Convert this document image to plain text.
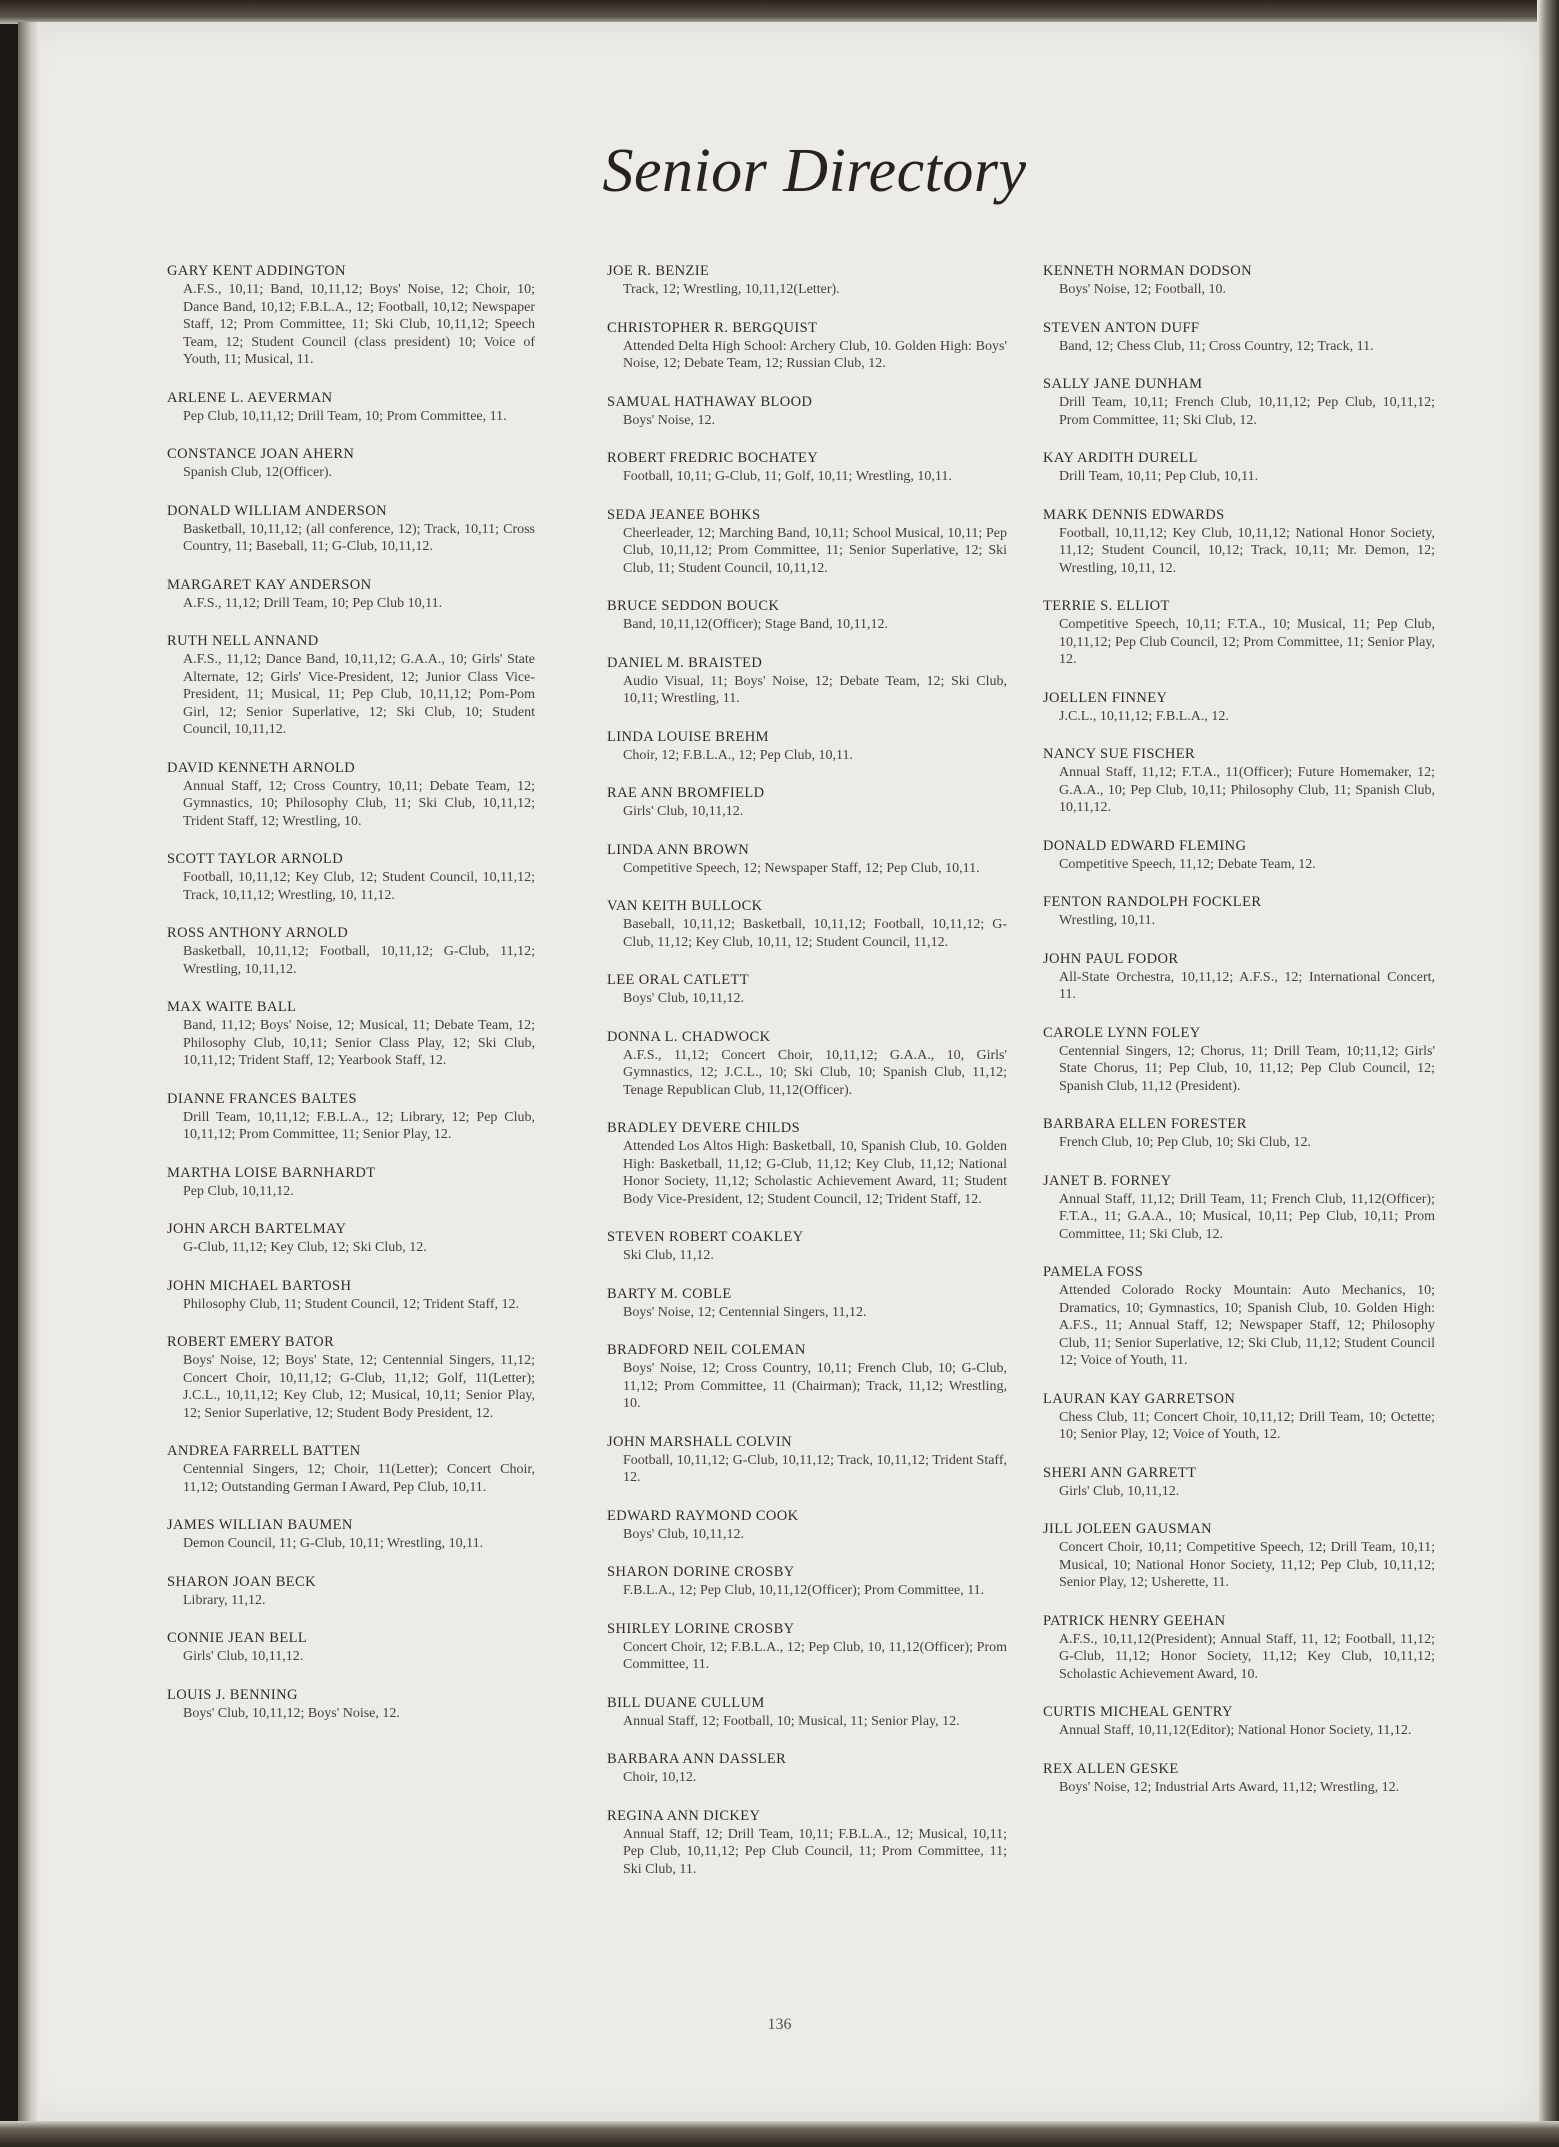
Senior Directory
GARY KENT ADDINGTON
A.F.S., 10,11; Band, 10,11,12; Boys' Noise, 12; Choir, 10; Dance Band, 10,12; F.B.L.A., 12; Football, 10,12; Newspaper Staff, 12; Prom Committee, 11; Ski Club, 10,11,12; Speech Team, 12; Student Council (class president) 10; Voice of Youth, 11; Musical, 11.
ARLENE L. AEVERMAN
Pep Club, 10,11,12; Drill Team, 10; Prom Committee, 11.
CONSTANCE JOAN AHERN
Spanish Club, 12(Officer).
DONALD WILLIAM ANDERSON
Basketball, 10,11,12; (all conference, 12); Track, 10,11; Cross Country, 11; Baseball, 11; G-Club, 10,11,12.
MARGARET KAY ANDERSON
A.F.S., 11,12; Drill Team, 10; Pep Club 10,11.
RUTH NELL ANNAND
A.F.S., 11,12; Dance Band, 10,11,12; G.A.A., 10; Girls' State Alternate, 12; Girls' Vice-President, 12; Junior Class Vice-President, 11; Musical, 11; Pep Club, 10,11,12; Pom-Pom Girl, 12; Senior Superlative, 12; Ski Club, 10; Student Council, 10,11,12.
DAVID KENNETH ARNOLD
Annual Staff, 12; Cross Country, 10,11; Debate Team, 12; Gymnastics, 10; Philosophy Club, 11; Ski Club, 10,11,12; Trident Staff, 12; Wrestling, 10.
SCOTT TAYLOR ARNOLD
Football, 10,11,12; Key Club, 12; Student Council, 10,11,12; Track, 10,11,12; Wrestling, 10, 11,12.
ROSS ANTHONY ARNOLD
Basketball, 10,11,12; Football, 10,11,12; G-Club, 11,12; Wrestling, 10,11,12.
MAX WAITE BALL
Band, 11,12; Boys' Noise, 12; Musical, 11; Debate Team, 12; Philosophy Club, 10,11; Senior Class Play, 12; Ski Club, 10,11,12; Trident Staff, 12; Yearbook Staff, 12.
DIANNE FRANCES BALTES
Drill Team, 10,11,12; F.B.L.A., 12; Library, 12; Pep Club, 10,11,12; Prom Committee, 11; Senior Play, 12.
MARTHA LOISE BARNHARDT
Pep Club, 10,11,12.
JOHN ARCH BARTELMAY
G-Club, 11,12; Key Club, 12; Ski Club, 12.
JOHN MICHAEL BARTOSH
Philosophy Club, 11; Student Council, 12; Trident Staff, 12.
ROBERT EMERY BATOR
Boys' Noise, 12; Boys' State, 12; Centennial Singers, 11,12; Concert Choir, 10,11,12; G-Club, 11,12; Golf, 11(Letter); J.C.L., 10,11,12; Key Club, 12; Musical, 10,11; Senior Play, 12; Senior Superlative, 12; Student Body President, 12.
ANDREA FARRELL BATTEN
Centennial Singers, 12; Choir, 11(Letter); Concert Choir, 11,12; Outstanding German I Award, Pep Club, 10,11.
JAMES WILLIAN BAUMEN
Demon Council, 11; G-Club, 10,11; Wrestling, 10,11.
SHARON JOAN BECK
Library, 11,12.
CONNIE JEAN BELL
Girls' Club, 10,11,12.
LOUIS J. BENNING
Boys' Club, 10,11,12; Boys' Noise, 12.
JOE R. BENZIE
Track, 12; Wrestling, 10,11,12(Letter).
CHRISTOPHER R. BERGQUIST
Attended Delta High School: Archery Club, 10. Golden High: Boys' Noise, 12; Debate Team, 12; Russian Club, 12.
SAMUAL HATHAWAY BLOOD
Boys' Noise, 12.
ROBERT FREDRIC BOCHATEY
Football, 10,11; G-Club, 11; Golf, 10,11; Wrestling, 10,11.
SEDA JEANEE BOHKS
Cheerleader, 12; Marching Band, 10,11; School Musical, 10,11; Pep Club, 10,11,12; Prom Committee, 11; Senior Superlative, 12; Ski Club, 11; Student Council, 10,11,12.
BRUCE SEDDON BOUCK
Band, 10,11,12(Officer); Stage Band, 10,11,12.
DANIEL M. BRAISTED
Audio Visual, 11; Boys' Noise, 12; Debate Team, 12; Ski Club, 10,11; Wrestling, 11.
LINDA LOUISE BREHM
Choir, 12; F.B.L.A., 12; Pep Club, 10,11.
RAE ANN BROMFIELD
Girls' Club, 10,11,12.
LINDA ANN BROWN
Competitive Speech, 12; Newspaper Staff, 12; Pep Club, 10,11.
VAN KEITH BULLOCK
Baseball, 10,11,12; Basketball, 10,11,12; Football, 10,11,12; G-Club, 11,12; Key Club, 10,11, 12; Student Council, 11,12.
LEE ORAL CATLETT
Boys' Club, 10,11,12.
DONNA L. CHADWOCK
A.F.S., 11,12; Concert Choir, 10,11,12; G.A.A., 10, Girls' Gymnastics, 12; J.C.L., 10; Ski Club, 10; Spanish Club, 11,12; Tenage Republican Club, 11,12(Officer).
BRADLEY DEVERE CHILDS
Attended Los Altos High: Basketball, 10, Spanish Club, 10. Golden High: Basketball, 11,12; G-Club, 11,12; Key Club, 11,12; National Honor Society, 11,12; Scholastic Achievement Award, 11; Student Body Vice-President, 12; Student Council, 12; Trident Staff, 12.
STEVEN ROBERT COAKLEY
Ski Club, 11,12.
BARTY M. COBLE
Boys' Noise, 12; Centennial Singers, 11,12.
BRADFORD NEIL COLEMAN
Boys' Noise, 12; Cross Country, 10,11; French Club, 10; G-Club, 11,12; Prom Committee, 11 (Chairman); Track, 11,12; Wrestling, 10.
JOHN MARSHALL COLVIN
Football, 10,11,12; G-Club, 10,11,12; Track, 10,11,12; Trident Staff, 12.
EDWARD RAYMOND COOK
Boys' Club, 10,11,12.
SHARON DORINE CROSBY
F.B.L.A., 12; Pep Club, 10,11,12(Officer); Prom Committee, 11.
SHIRLEY LORINE CROSBY
Concert Choir, 12; F.B.L.A., 12; Pep Club, 10, 11,12(Officer); Prom Committee, 11.
BILL DUANE CULLUM
Annual Staff, 12; Football, 10; Musical, 11; Senior Play, 12.
BARBARA ANN DASSLER
Choir, 10,12.
REGINA ANN DICKEY
Annual Staff, 12; Drill Team, 10,11; F.B.L.A., 12; Musical, 10,11; Pep Club, 10,11,12; Pep Club Council, 11; Prom Committee, 11; Ski Club, 11.
KENNETH NORMAN DODSON
Boys' Noise, 12; Football, 10.
STEVEN ANTON DUFF
Band, 12; Chess Club, 11; Cross Country, 12; Track, 11.
SALLY JANE DUNHAM
Drill Team, 10,11; French Club, 10,11,12; Pep Club, 10,11,12; Prom Committee, 11; Ski Club, 12.
KAY ARDITH DURELL
Drill Team, 10,11; Pep Club, 10,11.
MARK DENNIS EDWARDS
Football, 10,11,12; Key Club, 10,11,12; National Honor Society, 11,12; Student Council, 10,12; Track, 10,11; Mr. Demon, 12; Wrestling, 10,11, 12.
TERRIE S. ELLIOT
Competitive Speech, 10,11; F.T.A., 10; Musical, 11; Pep Club, 10,11,12; Pep Club Council, 12; Prom Committee, 11; Senior Play, 12.
JOELLEN FINNEY
J.C.L., 10,11,12; F.B.L.A., 12.
NANCY SUE FISCHER
Annual Staff, 11,12; F.T.A., 11(Officer); Future Homemaker, 12; G.A.A., 10; Pep Club, 10,11; Philosophy Club, 11; Spanish Club, 10,11,12.
DONALD EDWARD FLEMING
Competitive Speech, 11,12; Debate Team, 12.
FENTON RANDOLPH FOCKLER
Wrestling, 10,11.
JOHN PAUL FODOR
All-State Orchestra, 10,11,12; A.F.S., 12; International Concert, 11.
CAROLE LYNN FOLEY
Centennial Singers, 12; Chorus, 11; Drill Team, 10;11,12; Girls' State Chorus, 11; Pep Club, 10, 11,12; Pep Club Council, 12; Spanish Club, 11,12 (President).
BARBARA ELLEN FORESTER
French Club, 10; Pep Club, 10; Ski Club, 12.
JANET B. FORNEY
Annual Staff, 11,12; Drill Team, 11; French Club, 11,12(Officer); F.T.A., 11; G.A.A., 10; Musical, 10,11; Pep Club, 10,11; Prom Committee, 11; Ski Club, 12.
PAMELA FOSS
Attended Colorado Rocky Mountain: Auto Mechanics, 10; Dramatics, 10; Gymnastics, 10; Spanish Club, 10. Golden High: A.F.S., 11; Annual Staff, 12; Newspaper Staff, 12; Philosophy Club, 11; Senior Superlative, 12; Ski Club, 11,12; Student Council 12; Voice of Youth, 11.
LAURAN KAY GARRETSON
Chess Club, 11; Concert Choir, 10,11,12; Drill Team, 10; Octette; 10; Senior Play, 12; Voice of Youth, 12.
SHERI ANN GARRETT
Girls' Club, 10,11,12.
JILL JOLEEN GAUSMAN
Concert Choir, 10,11; Competitive Speech, 12; Drill Team, 10,11; Musical, 10; National Honor Society, 11,12; Pep Club, 10,11,12; Senior Play, 12; Usherette, 11.
PATRICK HENRY GEEHAN
A.F.S., 10,11,12(President); Annual Staff, 11, 12; Football, 11,12; G-Club, 11,12; Honor Society, 11,12; Key Club, 10,11,12; Scholastic Achievement Award, 10.
CURTIS MICHEAL GENTRY
Annual Staff, 10,11,12(Editor); National Honor Society, 11,12.
REX ALLEN GESKE
Boys' Noise, 12; Industrial Arts Award, 11,12; Wrestling, 12.
136
